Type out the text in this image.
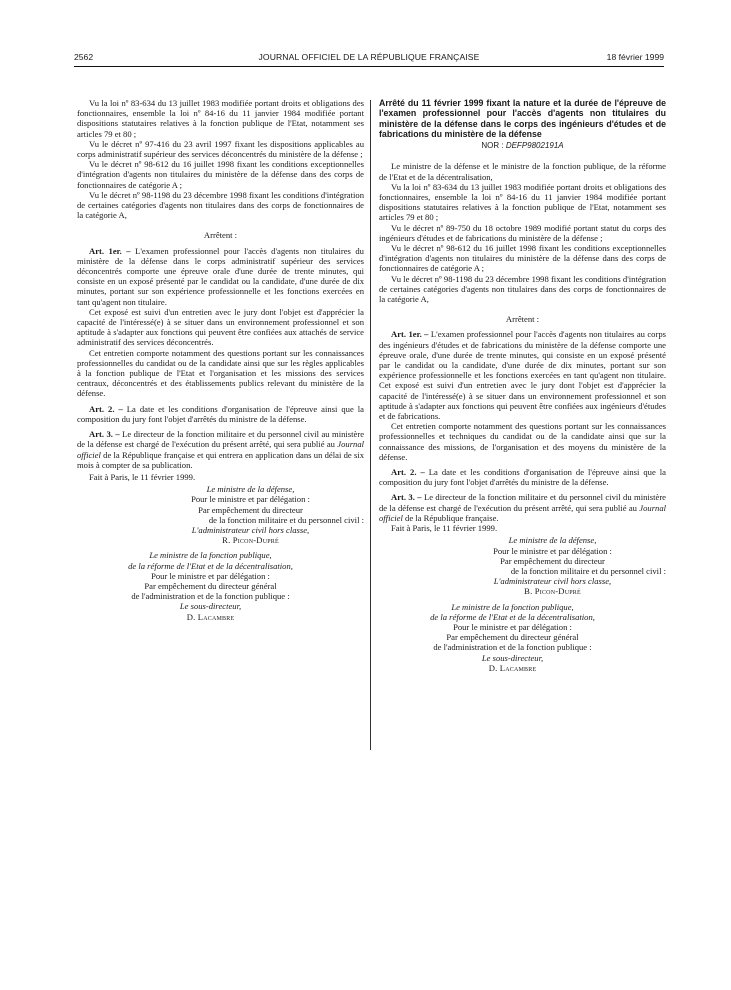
2562	JOURNAL OFFICIEL DE LA RÉPUBLIQUE FRANÇAISE	18 février 1999

Vu la loi nº 83-634 du 13 juillet 1983 modifiée portant droits et obligations des fonctionnaires, ensemble la loi nº 84-16 du 11 janvier 1984 modifiée portant dispositions statutaires relatives à la fonction publique de l'Etat, notamment ses articles 79 et 80 ;

Vu le décret nº 97-416 du 23 avril 1997 fixant les dispositions applicables au corps administratif supérieur des services déconcentrés du ministère de la défense ;

Vu le décret nº 98-612 du 16 juillet 1998 fixant les conditions exceptionnelles d'intégration d'agents non titulaires du ministère de la défense dans des corps de fonctionnaires de catégorie A ;

Vu le décret nº 98-1198 du 23 décembre 1998 fixant les conditions d'intégration de certaines catégories d'agents non titulaires dans des corps de fonctionnaires de la catégorie A,

Arrêtent :

Art. 1er. – L'examen professionnel pour l'accès d'agents non titulaires du ministère de la défense dans le corps administratif supérieur des services déconcentrés comporte une épreuve orale d'une durée de trente minutes, qui consiste en un exposé présenté par le candidat ou la candidate, d'une durée de dix minutes, portant sur son expérience professionnelle et les fonctions exercées en tant qu'agent non titulaire.

Cet exposé est suivi d'un entretien avec le jury dont l'objet est d'apprécier la capacité de l'intéressé(e) à se situer dans un environnement professionnel et son aptitude à s'adapter aux fonctions qui peuvent être confiées aux attachés de service administratif des services déconcentrés.

Cet entretien comporte notamment des questions portant sur les connaissances professionnelles du candidat ou de la candidate ainsi que sur les règles applicables à la fonction publique de l'Etat et l'organisation et les missions des services centraux, déconcentrés et des établissements publics relevant du ministère de la défense.

Art. 2. – La date et les conditions d'organisation de l'épreuve ainsi que la composition du jury font l'objet d'arrêtés du ministre de la défense.

Art. 3. – Le directeur de la fonction militaire et du personnel civil au ministère de la défense est chargé de l'exécution du présent arrêté, qui sera publié au Journal officiel de la République française et qui entrera en application dans un délai de six mois à compter de sa publication.

Fait à Paris, le 11 février 1999.

Le ministre de la défense,
Pour le ministre et par délégation :
Par empêchement du directeur
de la fonction militaire et du personnel civil :
L'administrateur civil hors classe,
R. Picon-Dupré
Le ministre de la fonction publique,
de la réforme de l'Etat et de la décentralisation,
Pour le ministre et par délégation :
Par empêchement du directeur général
de l'administration et de la fonction publique :
Le sous-directeur,
D. Lacambre

Arrêté du 11 février 1999 fixant la nature et la durée de l'épreuve de l'examen professionnel pour l'accès d'agents non titulaires du ministère de la défense dans le corps des ingénieurs d'études et de fabrications du ministère de la défense

NOR : DEFP9802191A

Le ministre de la défense et le ministre de la fonction publique, de la réforme de l'Etat et de la décentralisation,

Vu la loi nº 83-634 du 13 juillet 1983 modifiée portant droits et obligations des fonctionnaires, ensemble la loi nº 84-16 du 11 janvier 1984 modifiée portant dispositions statutaires relatives à la fonction publique de l'Etat, notamment ses articles 79 et 80 ;

Vu le décret nº 89-750 du 18 octobre 1989 modifié portant statut du corps des ingénieurs d'études et de fabrications du ministère de la défense ;

Vu le décret nº 98-612 du 16 juillet 1998 fixant les conditions exceptionnelles d'intégration d'agents non titulaires du ministère de la défense dans des corps de fonctionnaires de catégorie A ;

Vu le décret nº 98-1198 du 23 décembre 1998 fixant les conditions d'intégration de certaines catégories d'agents non titulaires dans des corps de fonctionnaires de la catégorie A,

Arrêtent :

Art. 1er. – L'examen professionnel pour l'accès d'agents non titulaires au corps des ingénieurs d'études et de fabrications du ministère de la défense comporte une épreuve orale, d'une durée de trente minutes, qui consiste en un exposé présenté par le candidat ou la candidate, d'une durée de dix minutes, portant sur son expérience professionnelle et les fonctions exercées en tant qu'agent non titulaire. Cet exposé est suivi d'un entretien avec le jury dont l'objet est d'apprécier la capacité de l'intéressé(e) à se situer dans un environnement professionnel et son aptitude à s'adapter aux fonctions qui peuvent être confiées aux ingénieurs d'études et de fabrications.

Cet entretien comporte notamment des questions portant sur les connaissances professionnelles et techniques du candidat ou de la candidate ainsi que sur la connaissance des missions, de l'organisation et des moyens du ministère de la défense.

Art. 2. – La date et les conditions d'organisation de l'épreuve ainsi que la composition du jury font l'objet d'arrêtés du ministre de la défense.

Art. 3. – Le directeur de la fonction militaire et du personnel civil du ministère de la défense est chargé de l'exécution du présent arrêté, qui sera publié au Journal officiel de la République française.

Fait à Paris, le 11 février 1999.

Le ministre de la défense,
Pour le ministre et par délégation :
Par empêchement du directeur
de la fonction militaire et du personnel civil :
L'administrateur civil hors classe,
B. Picon-Dupré
Le ministre de la fonction publique,
de la réforme de l'Etat et de la décentralisation,
Pour le ministre et par délégation :
Par empêchement du directeur général
de l'administration et de la fonction publique :
Le sous-directeur,
D. Lacambre
